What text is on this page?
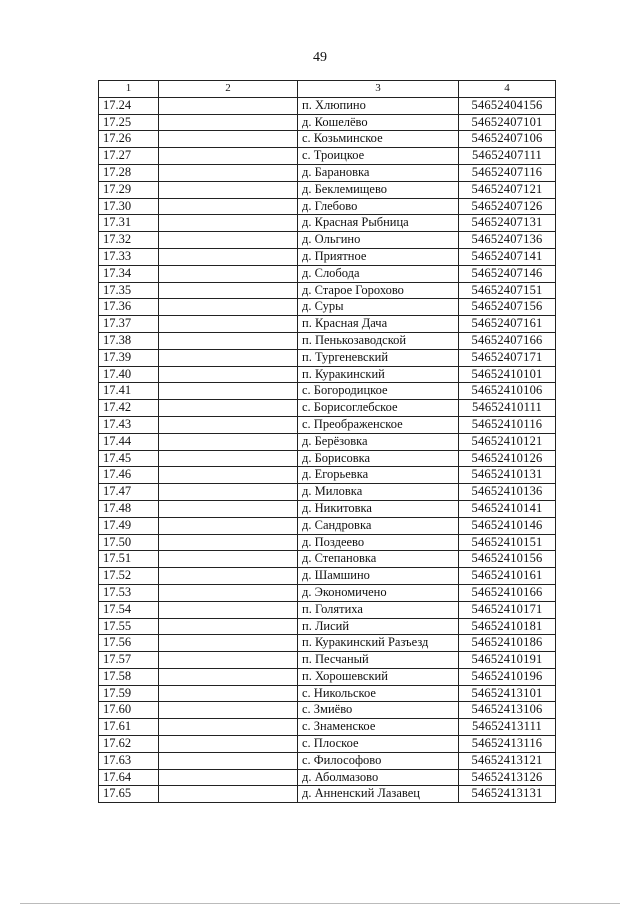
49
1	2	3	4
17.24		п. Хлюпино	54652404156
17.25		д. Кошелёво	54652407101
17.26		с. Козьминское	54652407106
17.27		с. Троицкое	54652407111
17.28		д. Барановка	54652407116
17.29		д. Беклемищево	54652407121
17.30		д. Глебово	54652407126
17.31		д. Красная Рыбница	54652407131
17.32		д. Ольгино	54652407136
17.33		д. Приятное	54652407141
17.34		д. Слобода	54652407146
17.35		д. Старое Горохово	54652407151
17.36		д. Суры	54652407156
17.37		п. Красная Дача	54652407161
17.38		п. Пенькозаводской	54652407166
17.39		п. Тургеневский	54652407171
17.40		п. Куракинский	54652410101
17.41		с. Богородицкое	54652410106
17.42		с. Борисоглебское	54652410111
17.43		с. Преображенское	54652410116
17.44		д. Берёзовка	54652410121
17.45		д. Борисовка	54652410126
17.46		д. Егорьевка	54652410131
17.47		д. Миловка	54652410136
17.48		д. Никитовка	54652410141
17.49		д. Сандровка	54652410146
17.50		д. Поздеево	54652410151
17.51		д. Степановка	54652410156
17.52		д. Шамшино	54652410161
17.53		д. Экономичено	54652410166
17.54		п. Голятиха	54652410171
17.55		п. Лисий	54652410181
17.56		п. Куракинский Разъезд	54652410186
17.57		п. Песчаный	54652410191
17.58		п. Хорошевский	54652410196
17.59		с. Никольское	54652413101
17.60		с. Змиёво	54652413106
17.61		с. Знаменское	54652413111
17.62		с. Плоское	54652413116
17.63		с. Философово	54652413121
17.64		д. Аболмазово	54652413126
17.65		д. Анненский Лазавец	54652413131
